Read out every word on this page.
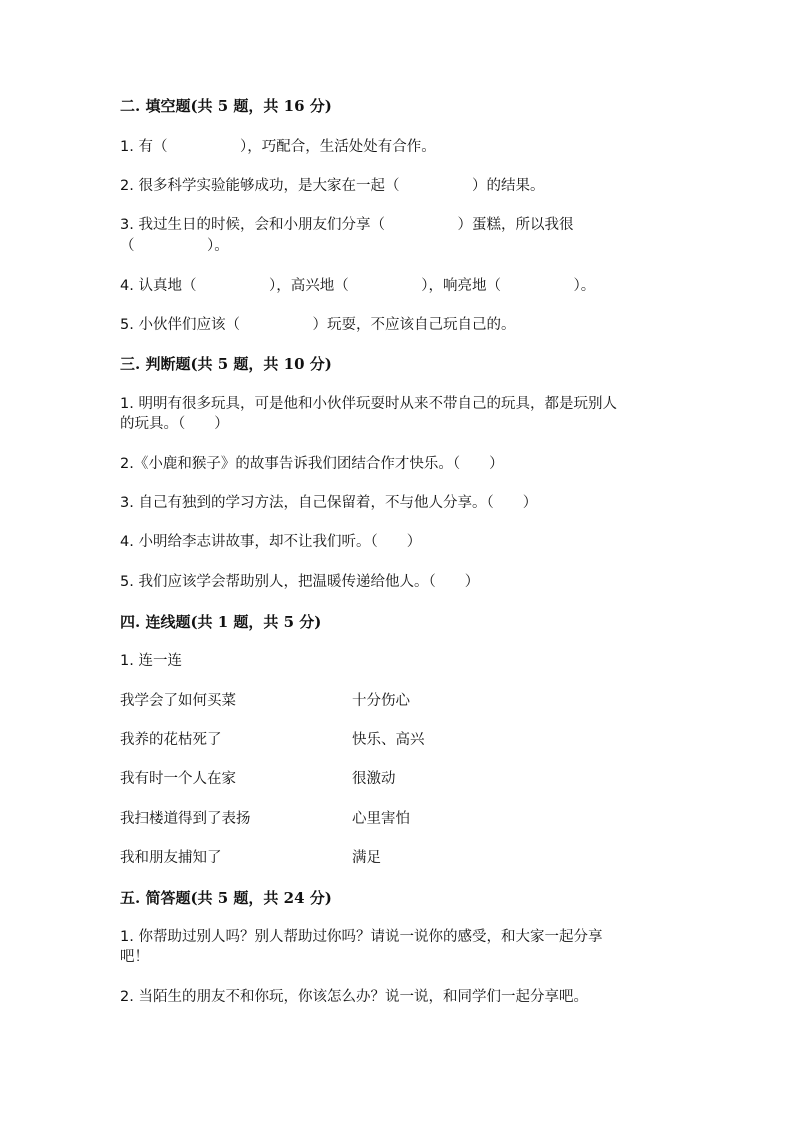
二. 填空题(共 5 题，共 16 分)
1. 有（　　　　　），巧配合，生活处处有合作。
2. 很多科学实验能够成功，是大家在一起（　　　　　）的结果。
3. 我过生日的时候，会和小朋友们分享（　　　　　）蛋糕，所以我很
（　　　　　）。
4. 认真地（　　　　　），高兴地（　　　　　），响亮地（　　　　　）。
5. 小伙伴们应该（　　　　　）玩耍，不应该自己玩自己的。
三. 判断题(共 5 题，共 10 分)
1. 明明有很多玩具，可是他和小伙伴玩耍时从来不带自己的玩具，都是玩别人
的玩具。（　　）
2.《小鹿和猴子》的故事告诉我们团结合作才快乐。（　　）
3. 自己有独到的学习方法，自己保留着，不与他人分享。（　　）
4. 小明给李志讲故事，却不让我们听。（　　）
5. 我们应该学会帮助别人，把温暖传递给他人。（　　）
四. 连线题(共 1 题，共 5 分)
1. 连一连
我学会了如何买菜	十分伤心
我养的花枯死了	快乐、高兴
我有时一个人在家	很激动
我扫楼道得到了表扬	心里害怕
我和朋友捕知了	满足
五. 简答题(共 5 题，共 24 分)
1. 你帮助过别人吗？别人帮助过你吗？请说一说你的感受，和大家一起分享
吧！
2. 当陌生的朋友不和你玩，你该怎么办？说一说，和同学们一起分享吧。
